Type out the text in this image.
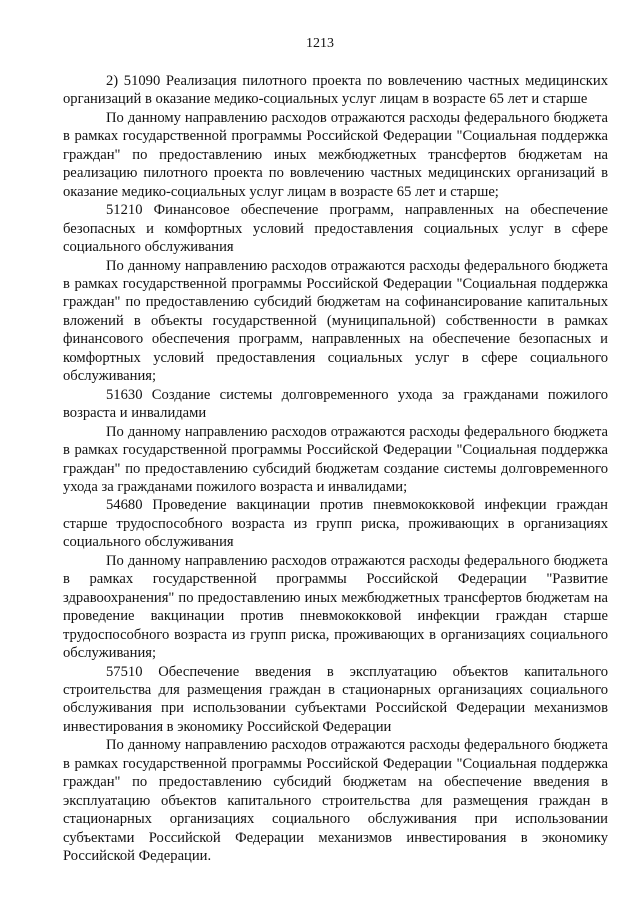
1213

2) 51090 Реализация пилотного проекта по вовлечению частных медицинских организаций в оказание медико-социальных услуг лицам в возрасте 65 лет и старше

По данному направлению расходов отражаются расходы федерального бюджета в рамках государственной программы Российской Федерации "Социальная поддержка граждан" по предоставлению иных межбюджетных трансфертов бюджетам на реализацию пилотного проекта по вовлечению частных медицинских организаций в оказание медико-социальных услуг лицам в возрасте 65 лет и старше;

51210 Финансовое обеспечение программ, направленных на обеспечение безопасных и комфортных условий предоставления социальных услуг в сфере социального обслуживания

По данному направлению расходов отражаются расходы федерального бюджета в рамках государственной программы Российской Федерации "Социальная поддержка граждан" по предоставлению субсидий бюджетам на софинансирование капитальных вложений в объекты государственной (муниципальной) собственности в рамках финансового обеспечения программ, направленных на обеспечение безопасных и комфортных условий предоставления социальных услуг в сфере социального обслуживания;

51630 Создание системы долговременного ухода за гражданами пожилого возраста и инвалидами

По данному направлению расходов отражаются расходы федерального бюджета в рамках государственной программы Российской Федерации "Социальная поддержка граждан" по предоставлению субсидий бюджетам создание системы долговременного ухода за гражданами пожилого возраста и инвалидами;

54680 Проведение вакцинации против пневмококковой инфекции граждан старше трудоспособного возраста из групп риска, проживающих в организациях социального обслуживания

По данному направлению расходов отражаются расходы федерального бюджета в рамках государственной программы Российской Федерации "Развитие здравоохранения" по предоставлению иных межбюджетных трансфертов бюджетам на проведение вакцинации против пневмококковой инфекции граждан старше трудоспособного возраста из групп риска, проживающих в организациях социального обслуживания;

57510 Обеспечение введения в эксплуатацию объектов капитального строительства для размещения граждан в стационарных организациях социального обслуживания при использовании субъектами Российской Федерации механизмов инвестирования в экономику Российской Федерации

По данному направлению расходов отражаются расходы федерального бюджета в рамках государственной программы Российской Федерации "Социальная поддержка граждан" по предоставлению субсидий бюджетам на обеспечение введения в эксплуатацию объектов капитального строительства для размещения граждан в стационарных организациях социального обслуживания при использовании субъектами Российской Федерации механизмов инвестирования в экономику Российской Федерации.
